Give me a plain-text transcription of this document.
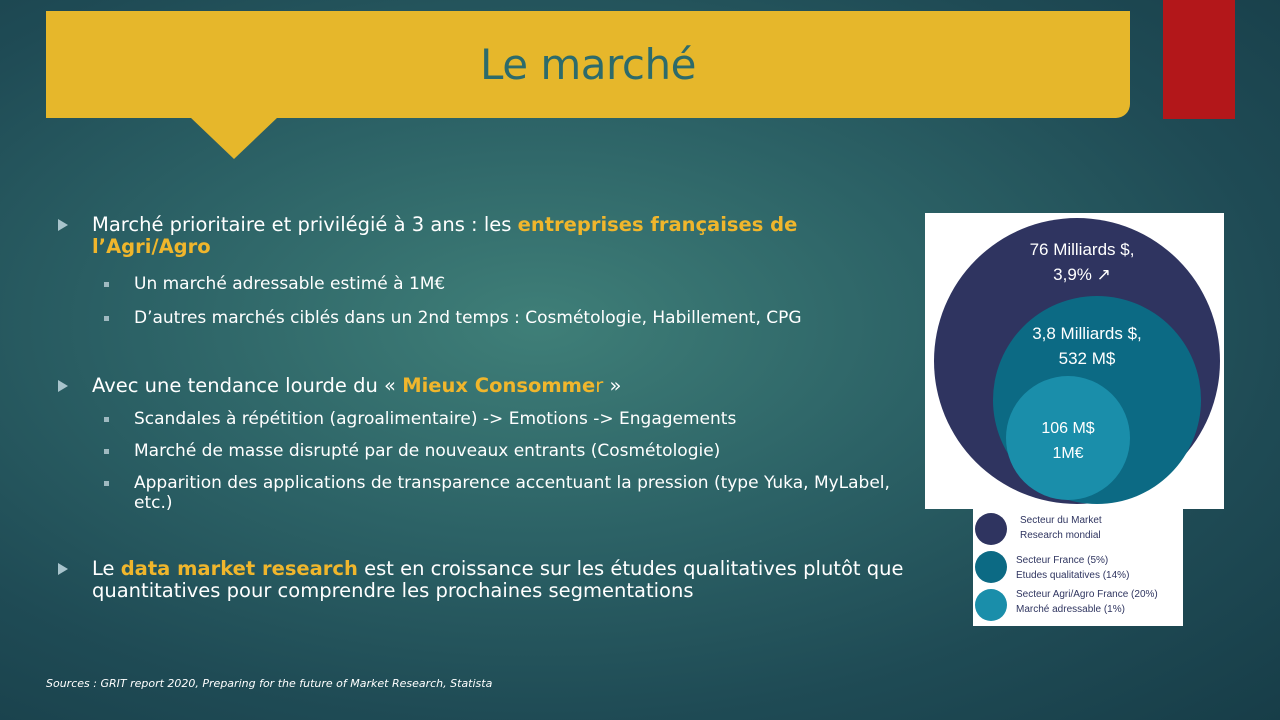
Le marché
Marché prioritaire et privilégié à 3 ans : les entreprises françaises de l’Agri/Agro
Un marché adressable estimé à 1M€
D’autres marchés ciblés dans un 2nd temps : Cosmétologie, Habillement, CPG
Avec une tendance lourde du « Mieux Consommer »
Scandales à répétition (agroalimentaire) -> Emotions -> Engagements
Marché de masse disrupté par de nouveaux entrants (Cosmétologie)
Apparition des applications de transparence accentuant la pression (type Yuka, MyLabel, etc.)
Le data market research est en croissance sur les études qualitatives plutôt que quantitatives pour comprendre les prochaines segmentations
Sources : GRIT report 2020, Preparing for the future of Market Research, Statista
76 Milliards $,
3,9% ↗
3,8 Milliards $,
532 M$
106 M$
1M€
Secteur du Market
Research mondial
Secteur France (5%)
Etudes qualitatives (14%)
Secteur Agri/Agro France (20%)
Marché adressable (1%)
